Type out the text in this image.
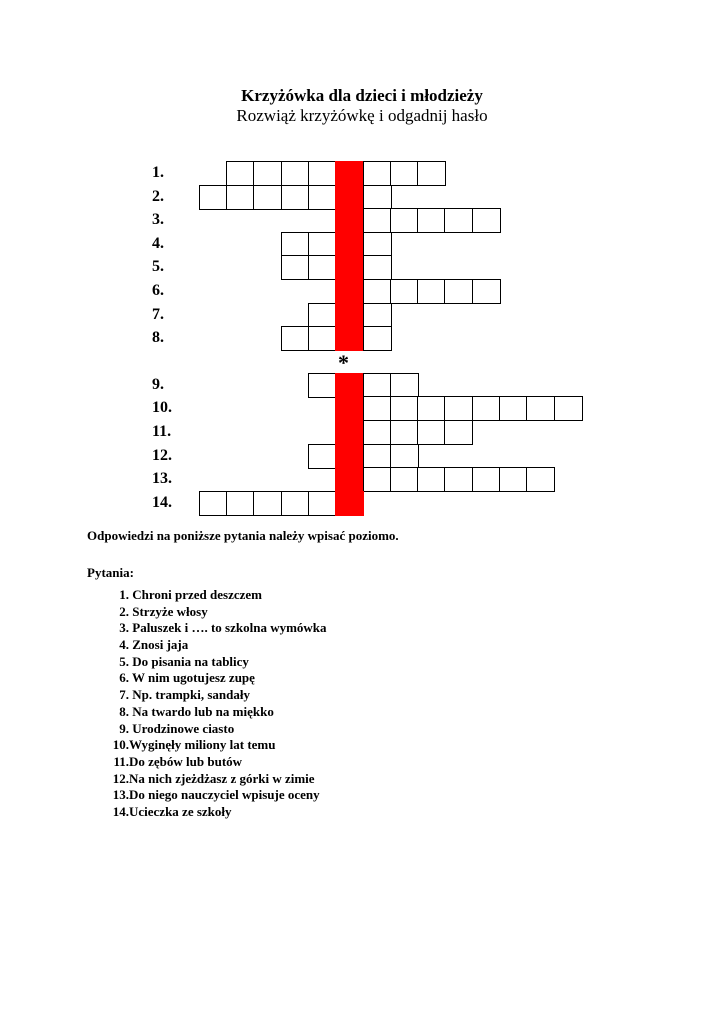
Krzyżówka dla dzieci i młodzieży
Rozwiąż krzyżówkę i odgadnij hasło
1.
2.
3.
4.
5.
6.
7.
8.
9.
10.
11.
12.
13.
14.
*
Odpowiedzi na poniższe pytania należy wpisać poziomo.
Pytania:
1. Chroni przed deszczem
2. Strzyże włosy
3. Paluszek i …. to szkolna wymówka
4. Znosi jaja
5. Do pisania na tablicy
6. W nim ugotujesz zupę
7. Np. trampki, sandały
8. Na twardo lub na miękko
9. Urodzinowe ciasto
10.Wyginęły miliony lat temu
11.Do zębów lub butów
12.Na nich zjeżdżasz z górki w zimie
13.Do niego nauczyciel wpisuje oceny
14.Ucieczka ze szkoły
